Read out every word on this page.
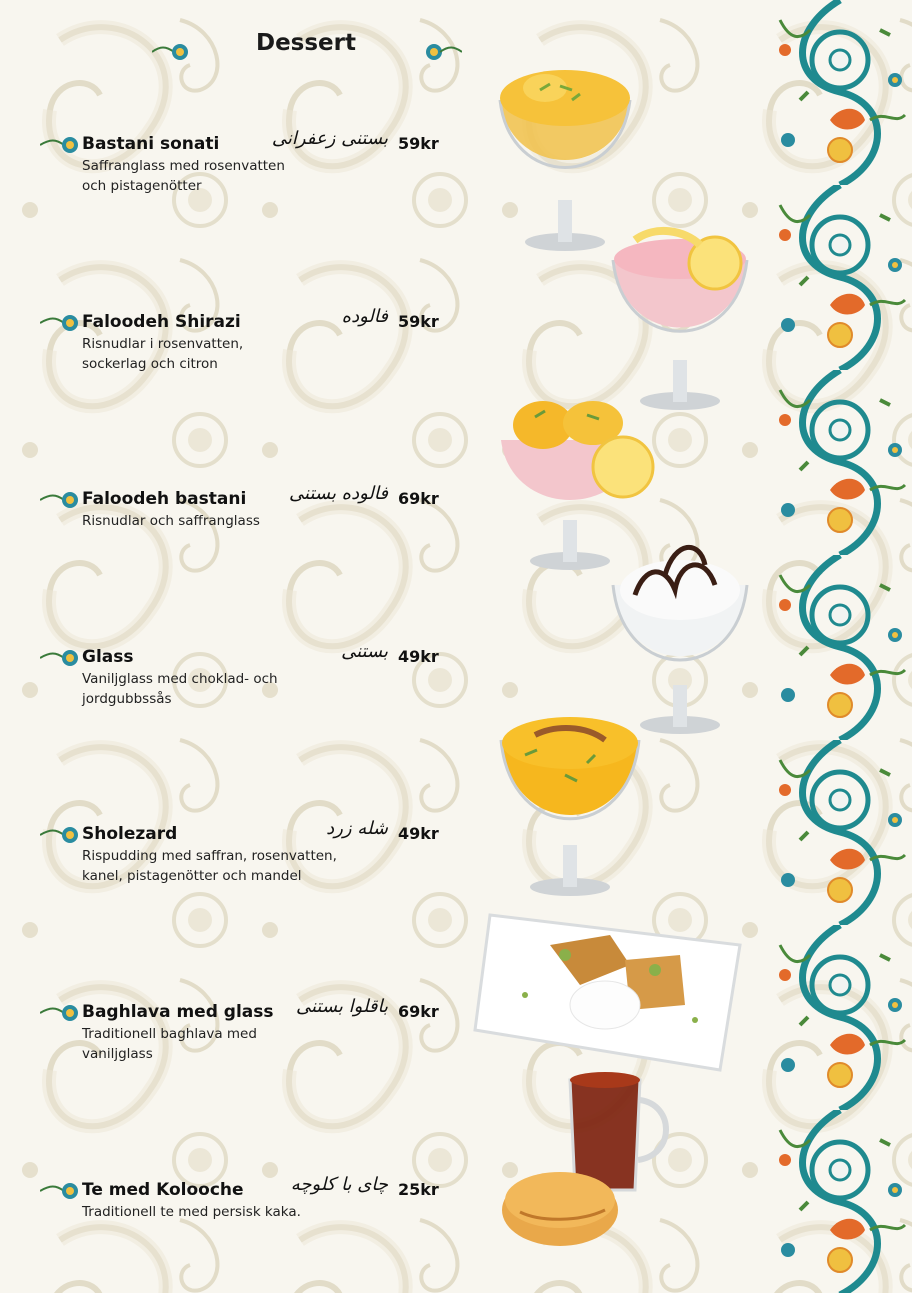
Dessert
Bastani sonati	بستنی زعفرانی 59kr
Saffranglass med rosenvatten och pistagenötter
Faloodeh Shirazi	فالوده 59kr
Risnudlar i rosenvatten, sockerlag och citron
Faloodeh bastani فالوده بستنی 69kr
Risnudlar och saffranglass
Glass	بستنی 49kr
Vaniljglass med choklad- och jordgubbssås
Sholezard	شله زرد 49kr
Rispudding med saffran, rosenvatten, kanel, pistagenötter och mandel
Baghlava med glass باقلوا بستنی 69kr
Traditionell baghlava med vaniljglass
Te med Kolooche	چای با کلوچه 25kr
Traditionell te med persisk kaka.
